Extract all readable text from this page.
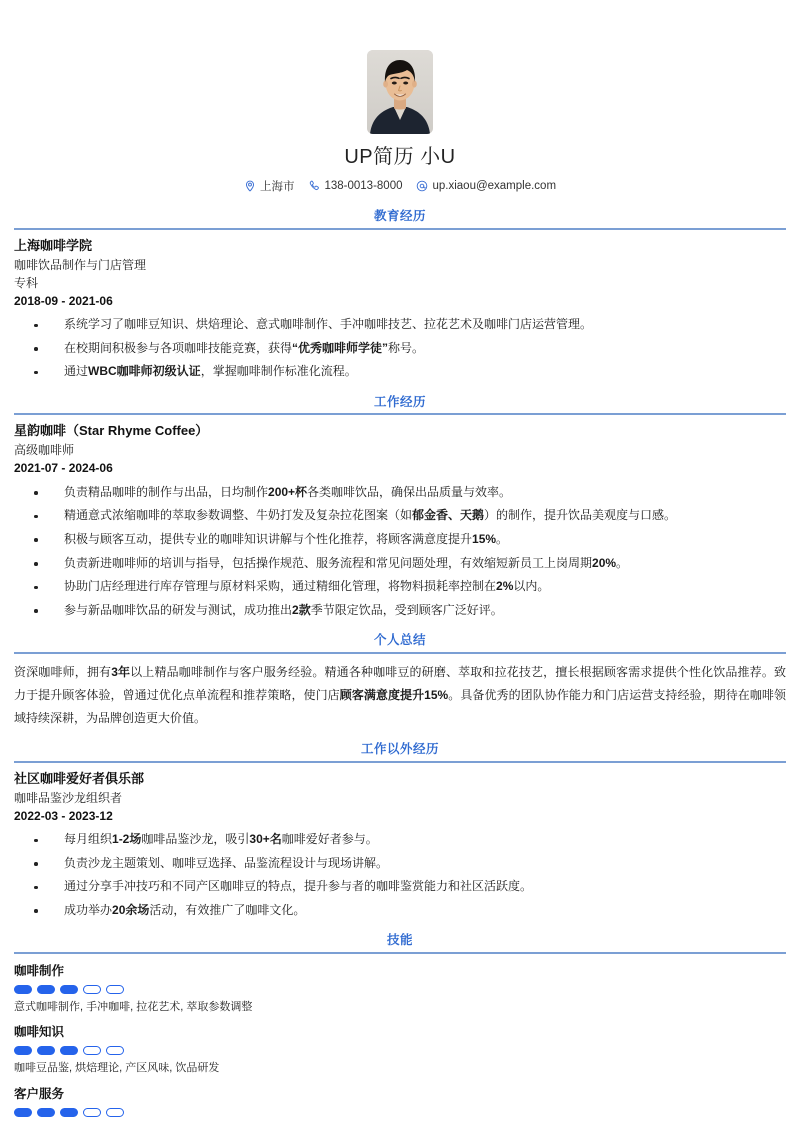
UP简历 小U
上海市	138-0013-8000	up.xiaou@example.com
教育经历
上海咖啡学院
咖啡饮品制作与门店管理
专科
2018-09 - 2021-06
系统学习了咖啡豆知识、烘焙理论、意式咖啡制作、手冲咖啡技艺、拉花艺术及咖啡门店运营管理。
在校期间积极参与各项咖啡技能竞赛，获得“优秀咖啡师学徒”称号。
通过WBC咖啡师初级认证，掌握咖啡制作标准化流程。
工作经历
星韵咖啡（Star Rhyme Coffee）
高级咖啡师
2021-07 - 2024-06
负责精品咖啡的制作与出品，日均制作200+杯各类咖啡饮品，确保出品质量与效率。
精通意式浓缩咖啡的萃取参数调整、牛奶打发及复杂拉花图案（如郁金香、天鹅）的制作，提升饮品美观度与口感。
积极与顾客互动，提供专业的咖啡知识讲解与个性化推荐，将顾客满意度提升15%。
负责新进咖啡师的培训与指导，包括操作规范、服务流程和常见问题处理，有效缩短新员工上岗周期20%。
协助门店经理进行库存管理与原材料采购，通过精细化管理，将物料损耗率控制在2%以内。
参与新品咖啡饮品的研发与测试，成功推出2款季节限定饮品，受到顾客广泛好评。
个人总结
资深咖啡师，拥有3年以上精品咖啡制作与客户服务经验。精通各种咖啡豆的研磨、萃取和拉花技艺，擅长根据顾客需求提供个性化饮品推荐。致力于提升顾客体验，曾通过优化点单流程和推荐策略，使门店顾客满意度提升15%。具备优秀的团队协作能力和门店运营支持经验，期待在咖啡领域持续深耕，为品牌创造更大价值。
工作以外经历
社区咖啡爱好者俱乐部
咖啡品鉴沙龙组织者
2022-03 - 2023-12
每月组织1-2场咖啡品鉴沙龙，吸引30+名咖啡爱好者参与。
负责沙龙主题策划、咖啡豆选择、品鉴流程设计与现场讲解。
通过分享手冲技巧和不同产区咖啡豆的特点，提升参与者的咖啡鉴赏能力和社区活跃度。
成功举办20余场活动，有效推广了咖啡文化。
技能
咖啡制作
意式咖啡制作, 手冲咖啡, 拉花艺术, 萃取参数调整
咖啡知识
咖啡豆品鉴, 烘焙理论, 产区风味, 饮品研发
客户服务
